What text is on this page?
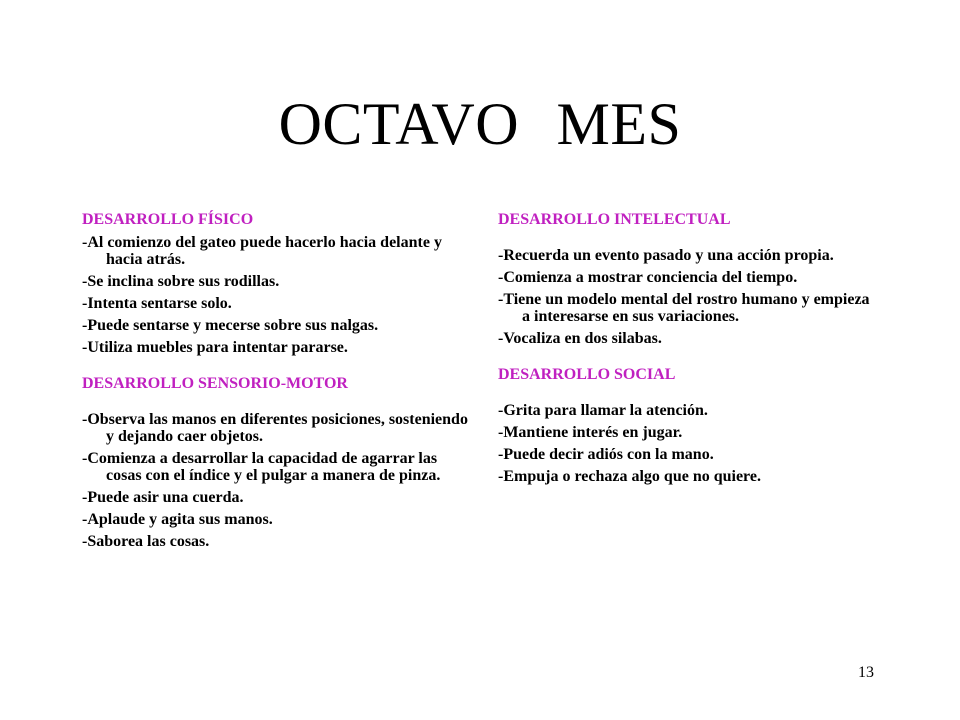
OCTAVO MES
DESARROLLO FÍSICO
-Al comienzo del gateo puede hacerlo hacia delante y hacia atrás.
-Se inclina sobre sus rodillas.
-Intenta sentarse solo.
-Puede sentarse y mecerse sobre sus nalgas.
-Utiliza muebles para intentar pararse.
DESARROLLO SENSORIO-MOTOR
-Observa las manos en diferentes posiciones, sosteniendo y dejando caer objetos.
-Comienza a desarrollar la capacidad de agarrar las cosas con el índice y el pulgar a manera de pinza.
-Puede asir una cuerda.
-Aplaude y agita sus manos.
-Saborea las cosas.
DESARROLLO INTELECTUAL
-Recuerda un evento pasado y una acción propia.
-Comienza a mostrar conciencia del tiempo.
-Tiene un modelo mental del rostro humano y empieza a interesarse en sus variaciones.
-Vocaliza en dos silabas.
DESARROLLO SOCIAL
-Grita para llamar la atención.
-Mantiene interés en jugar.
-Puede decir adiós con la mano.
-Empuja o rechaza algo que no quiere.
13
